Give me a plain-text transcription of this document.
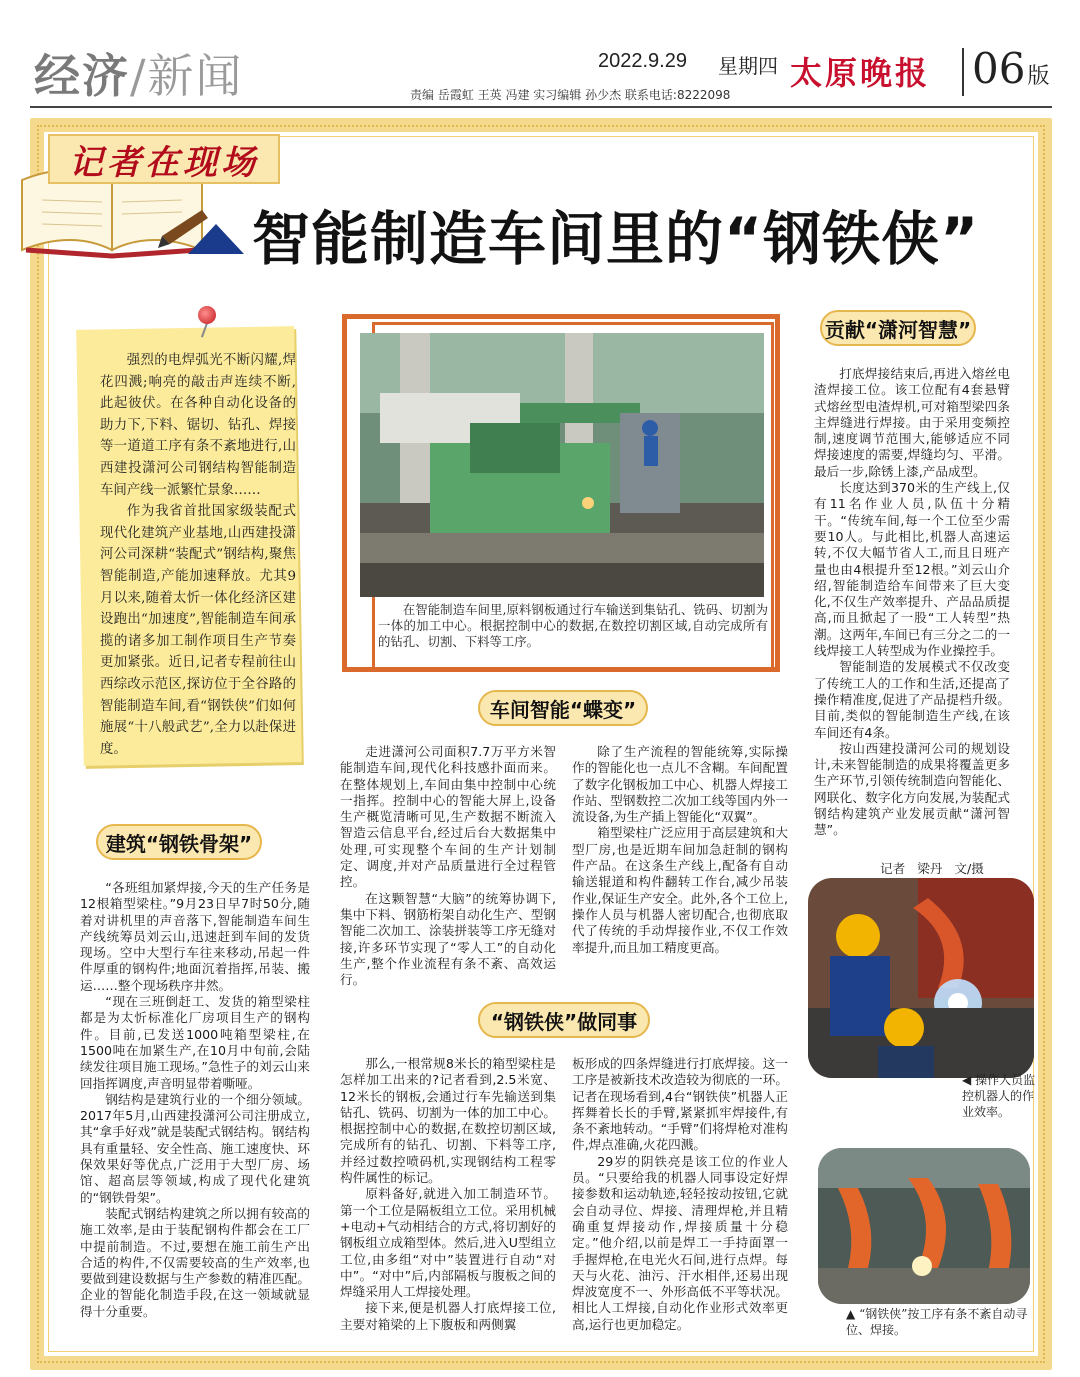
经济/新闻	2022.9.29 星期四 太原晚报 06版
责编 岳霞虹 王英 冯建 实习编辑 孙少杰 联系电话:8222098
记者在现场
智能制造车间里的“钢铁侠”

强烈的电焊弧光不断闪耀,焊花四溅;响亮的敲击声连续不断,此起彼伏。在各种自动化设备的助力下,下料、锯切、钻孔、焊接等一道道工序有条不紊地进行,山西建投潇河公司钢结构智能制造车间产线一派繁忙景象……

作为我省首批国家级装配式现代化建筑产业基地,山西建投潇河公司深耕“装配式”钢结构,聚焦智能制造,产能加速释放。尤其9月以来,随着太忻一体化经济区建设跑出“加速度”,智能制造车间承揽的诸多加工制作项目生产节奏更加紧张。近日,记者专程前往山西综改示范区,探访位于全谷路的智能制造车间,看“钢铁侠”们如何施展“十八般武艺”,全力以赴保进度。

在智能制造车间里,原料钢板通过行车输送到集钻孔、铣码、切割为一体的加工中心。根据控制中心的数据,在数控切割区域,自动完成所有的钻孔、切割、下料等工序。
建筑“钢铁骨架”

“各班组加紧焊接,今天的生产任务是12根箱型梁柱。”9月23日早7时50分,随着对讲机里的声音落下,智能制造车间生产线统筹员刘云山,迅速赶到车间的发货现场。空中大型行车往来移动,吊起一件件厚重的钢构件;地面沉着指挥,吊装、搬运……整个现场秩序井然。

“现在三班倒赶工、发货的箱型梁柱都是为太忻标准化厂房项目生产的钢构件。目前,已发送1000吨箱型梁柱,在1500吨在加紧生产,在10月中旬前,会陆续发往项目施工现场。”急性子的刘云山来回指挥调度,声音明显带着嘶哑。

钢结构是建筑行业的一个细分领域。2017年5月,山西建投潇河公司注册成立,其“拿手好戏”就是装配式钢结构。钢结构具有重量轻、安全性高、施工速度快、环保效果好等优点,广泛用于大型厂房、场馆、超高层等领域,构成了现代化建筑的“钢铁骨架”。

装配式钢结构建筑之所以拥有较高的施工效率,是由于装配钢构件都会在工厂中提前制造。不过,要想在施工前生产出合适的构件,不仅需要较高的生产效率,也要做到建设数据与生产参数的精准匹配。企业的智能化制造手段,在这一领域就显得十分重要。

车间智能“蝶变”

走进潇河公司面积7.7万平方米智能制造车间,现代化科技感扑面而来。在整体规划上,车间由集中控制中心统一指挥。控制中心的智能大屏上,设备生产概览清晰可见,生产数据不断流入智造云信息平台,经过后台大数据集中处理,可实现整个车间的生产计划制定、调度,并对产品质量进行全过程管控。

在这颗智慧“大脑”的统筹协调下,集中下料、钢筋桁架自动化生产、型钢智能二次加工、涂装拼装等工序无缝对接,许多环节实现了“零人工”的自动化生产,整个作业流程有条不紊、高效运行。

除了生产流程的智能统筹,实际操作的智能化也一点儿不含糊。车间配置了数字化钢板加工中心、机器人焊接工作站、型钢数控二次加工线等国内外一流设备,为生产插上智能化“双翼”。

箱型梁柱广泛应用于高层建筑和大型厂房,也是近期车间加急赶制的钢构件产品。在这条生产线上,配备有自动输送辊道和构件翻转工作台,减少吊装作业,保证生产安全。此外,各个工位上,操作人员与机器人密切配合,也彻底取代了传统的手动焊接作业,不仅工作效率提升,而且加工精度更高。

“钢铁侠”做同事

那么,一根常规8米长的箱型梁柱是怎样加工出来的?记者看到,2.5米宽、12米长的钢板,会通过行车先输送到集钻孔、铣码、切割为一体的加工中心。根据控制中心的数据,在数控切割区域,完成所有的钻孔、切割、下料等工序,并经过数控喷码机,实现钢结构工程零构件属性的标记。

原料备好,就进入加工制造环节。第一个工位是隔板组立工位。采用机械+电动+气动相结合的方式,将切割好的钢板组立成箱型体。然后,进入U型组立工位,由多组“对中”装置进行自动“对中”。“对中”后,内部隔板与腹板之间的焊缝采用人工焊接处理。

接下来,便是机器人打底焊接工位,主要对箱梁的上下腹板和两侧翼

板形成的四条焊缝进行打底焊接。这一工序是被新技术改造较为彻底的一环。记者在现场看到,4台“钢铁侠”机器人正挥舞着长长的手臂,紧紧抓牢焊接件,有条不紊地转动。“手臂”们将焊枪对准构件,焊点准确,火花四溅。

29岁的阴铁亮是该工位的作业人员。“只要给我的机器人同事设定好焊接参数和运动轨迹,轻轻按动按钮,它就会自动寻位、焊接、清理焊枪,并且精确重复焊接动作,焊接质量十分稳定。”他介绍,以前是焊工一手持面罩一手握焊枪,在电光火石间,进行点焊。每天与火花、油污、汗水相伴,还易出现焊波宽度不一、外形高低不平等状况。相比人工焊接,自动化作业形式效率更高,运行也更加稳定。

贡献“潇河智慧”

打底焊接结束后,再进入熔丝电渣焊接工位。该工位配有4套悬臂式熔丝型电渣焊机,可对箱型梁四条主焊缝进行焊接。由于采用变频控制,速度调节范围大,能够适应不同焊接速度的需要,焊缝均匀、平滑。最后一步,除锈上漆,产品成型。

长度达到370米的生产线上,仅有11名作业人员,队伍十分精干。“传统车间,每一个工位至少需要10人。与此相比,机器人高速运转,不仅大幅节省人工,而且日班产量也由4根提升至12根。”刘云山介绍,智能制造给车间带来了巨大变化,不仅生产效率提升、产品品质提高,而且掀起了一股“工人转型”热潮。这两年,车间已有三分之二的一线焊接工人转型成为作业操控手。

智能制造的发展模式不仅改变了传统工人的工作和生活,还提高了操作精准度,促进了产品提档升级。目前,类似的智能制造生产线,在该车间还有4条。

按山西建投潇河公司的规划设计,未来智能制造的成果将覆盖更多生产环节,引领传统制造向智能化、网联化、数字化方向发展,为装配式钢结构建筑产业发展贡献“潇河智慧”。

记者 梁丹 文/摄
◀ 操作人员监控机器人的作业效率。
▲ “钢铁侠”按工序有条不紊自动寻位、焊接。
